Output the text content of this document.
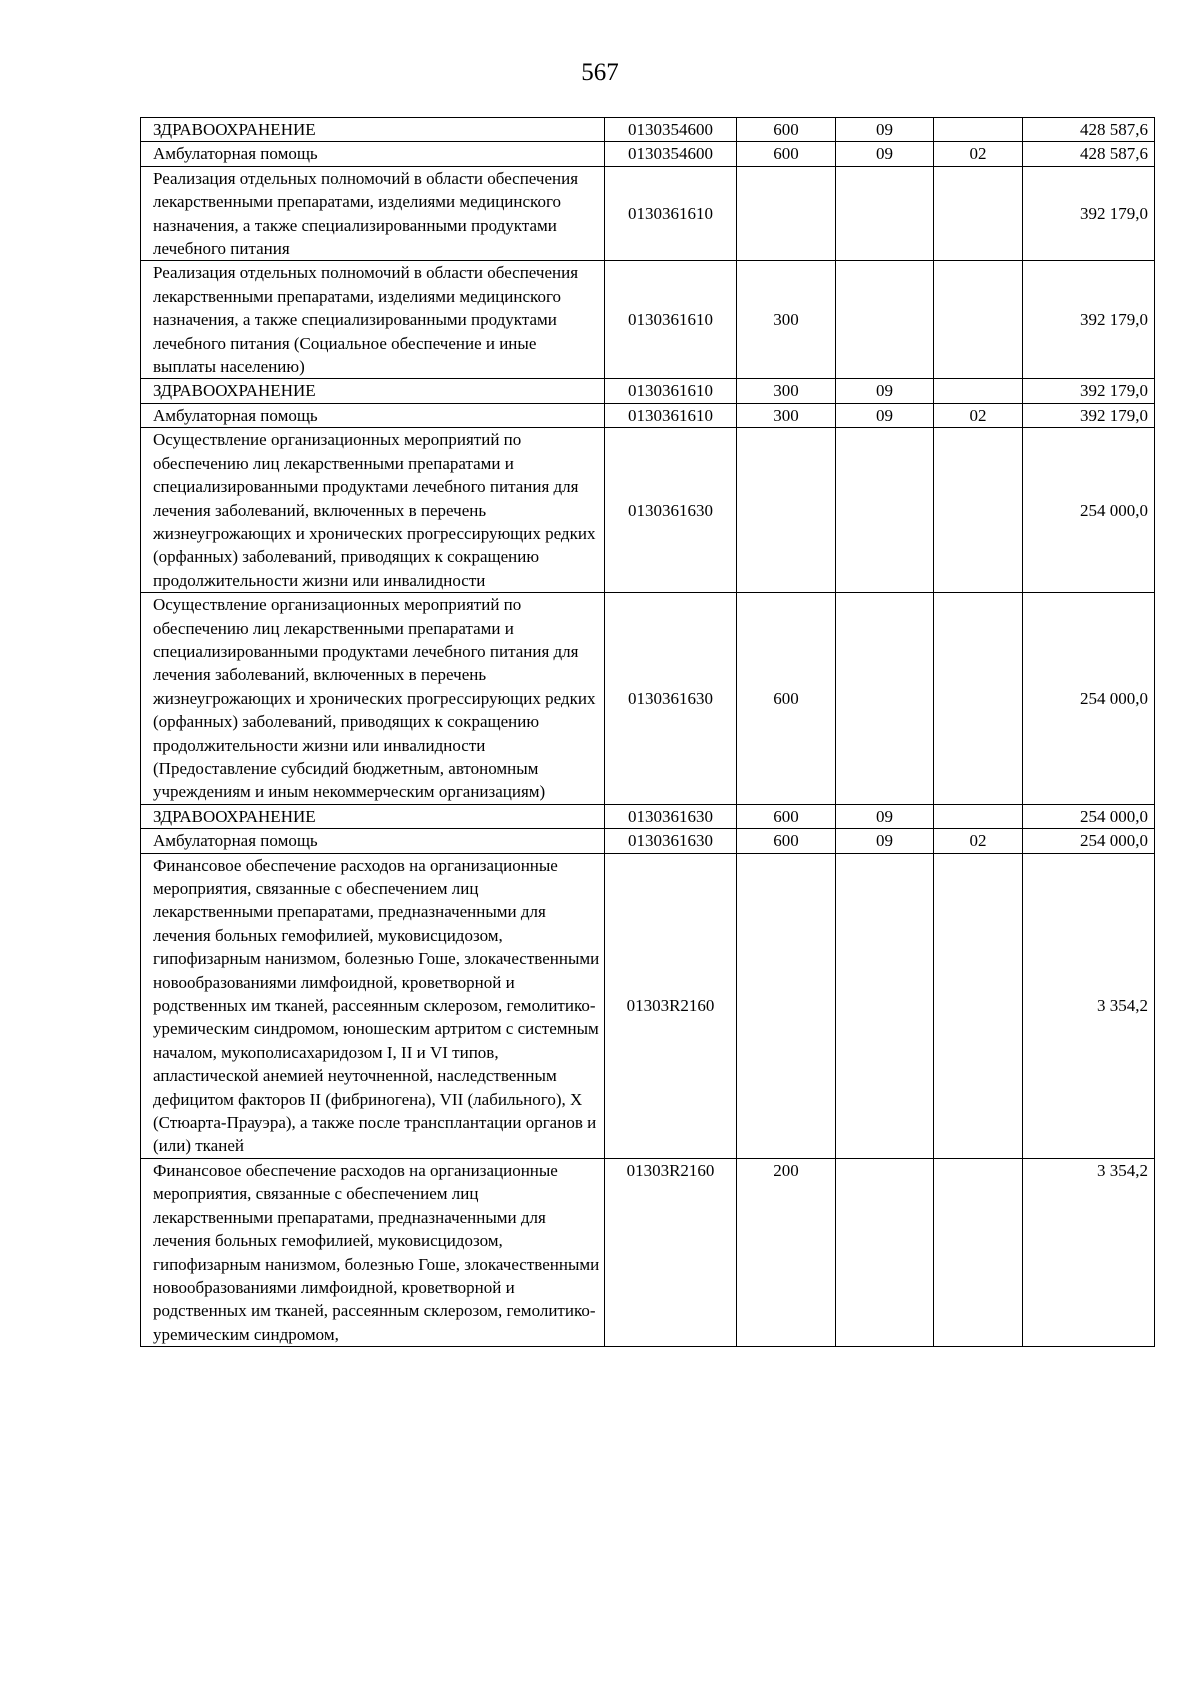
567
ЗДРАВООХРАНЕНИЕ	0130354600	600	09		428 587,6
Амбулаторная помощь	0130354600	600	09	02	428 587,6
Реализация отдельных полномочий в области обеспечения лекарственными препаратами, изделиями медицинского назначения, а также специализированными продуктами лечебного питания	0130361610				392 179,0
Реализация отдельных полномочий в области обеспечения лекарственными препаратами, изделиями медицинского назначения, а также специализированными продуктами лечебного питания (Социальное обеспечение и иные выплаты населению)	0130361610	300			392 179,0
ЗДРАВООХРАНЕНИЕ	0130361610	300	09		392 179,0
Амбулаторная помощь	0130361610	300	09	02	392 179,0
Осуществление организационных мероприятий по обеспечению лиц лекарственными препаратами и специализированными продуктами лечебного питания для лечения заболеваний, включенных в перечень жизнеугрожающих и хронических прогрессирующих редких (орфанных) заболеваний, приводящих к сокращению продолжительности жизни или инвалидности	0130361630				254 000,0
Осуществление организационных мероприятий по обеспечению лиц лекарственными препаратами и специализированными продуктами лечебного питания для лечения заболеваний, включенных в перечень жизнеугрожающих и хронических прогрессирующих редких (орфанных) заболеваний, приводящих к сокращению продолжительности жизни или инвалидности (Предоставление субсидий бюджетным, автономным учреждениям и иным некоммерческим организациям)	0130361630	600			254 000,0
ЗДРАВООХРАНЕНИЕ	0130361630	600	09		254 000,0
Амбулаторная помощь	0130361630	600	09	02	254 000,0
Финансовое обеспечение расходов на организационные мероприятия, связанные с обеспечением лиц лекарственными препаратами, предназначенными для лечения больных гемофилией, муковисцидозом, гипофизарным нанизмом, болезнью Гоше, злокачественными новообразованиями лимфоидной, кроветворной и родственных им тканей, рассеянным склерозом, гемолитико-уремическим синдромом, юношеским артритом с системным началом, мукополисахаридозом I, II и VI типов, апластической анемией неуточненной, наследственным дефицитом факторов II (фибриногена), VII (лабильного), X (Стюарта-Прауэра), а также после трансплантации органов и (или) тканей	01303R2160				3 354,2
Финансовое обеспечение расходов на организационные мероприятия, связанные с обеспечением лиц лекарственными препаратами, предназначенными для лечения больных гемофилией, муковисцидозом, гипофизарным нанизмом, болезнью Гоше, злокачественными новообразованиями лимфоидной, кроветворной и родственных им тканей, рассеянным склерозом, гемолитико-уремическим синдромом,	01303R2160	200			3 354,2
